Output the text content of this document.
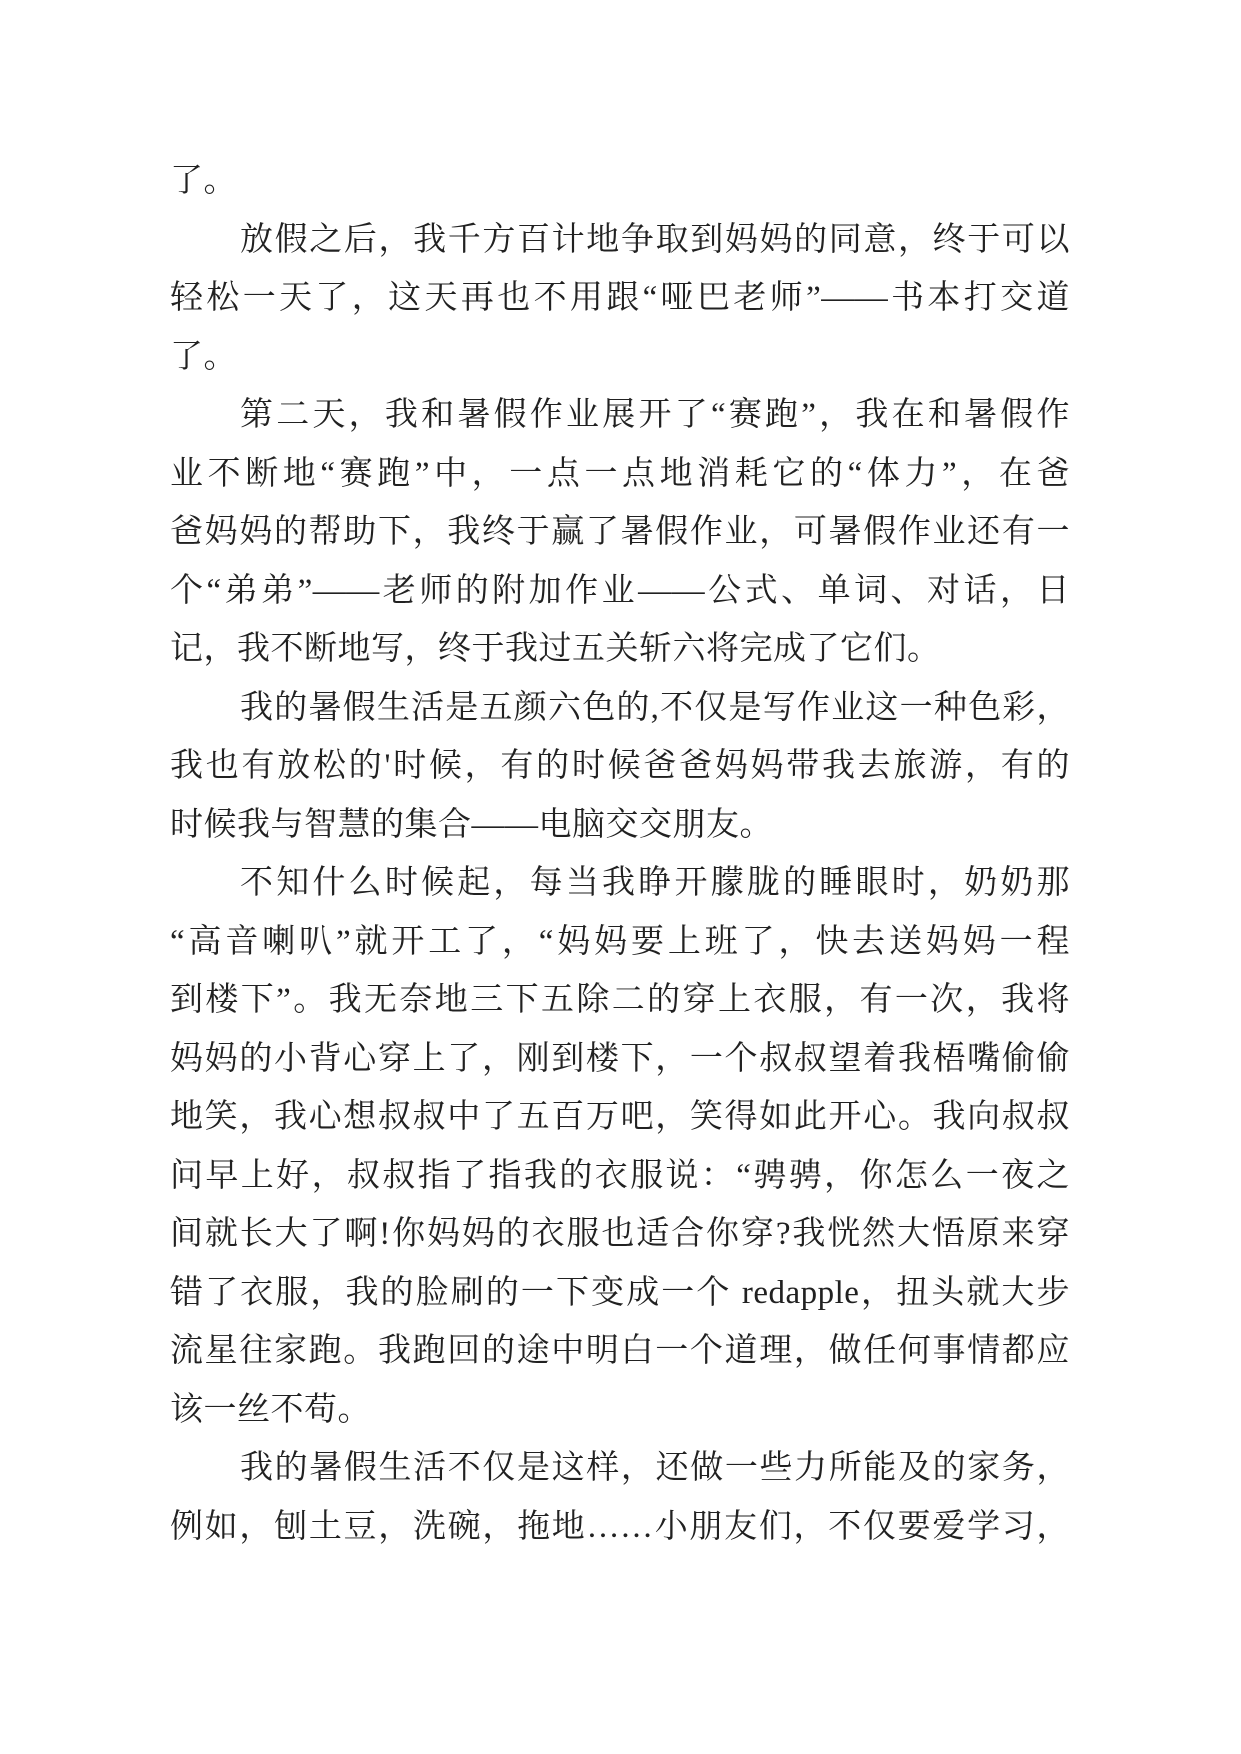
了。
放假之后，我千方百计地争取到妈妈的同意，终于可以
轻松一天了，这天再也不用跟“哑巴老师”——书本打交道
了。
第二天，我和暑假作业展开了“赛跑”，我在和暑假作
业不断地“赛跑”中，一点一点地消耗它的“体力”，在爸
爸妈妈的帮助下，我终于赢了暑假作业，可暑假作业还有一
个“弟弟”——老师的附加作业——公式、单词、对话，日
记，我不断地写，终于我过五关斩六将完成了它们。
我的暑假生活是五颜六色的,不仅是写作业这一种色彩，
我也有放松的'时候，有的时候爸爸妈妈带我去旅游，有的
时候我与智慧的集合——电脑交交朋友。
不知什么时候起，每当我睁开朦胧的睡眼时，奶奶那
“高音喇叭”就开工了，“妈妈要上班了，快去送妈妈一程
到楼下”。我无奈地三下五除二的穿上衣服，有一次，我将
妈妈的小背心穿上了，刚到楼下，一个叔叔望着我梧嘴偷偷
地笑，我心想叔叔中了五百万吧，笑得如此开心。我向叔叔
问早上好，叔叔指了指我的衣服说：“骋骋，你怎么一夜之
间就长大了啊!你妈妈的衣服也适合你穿?我恍然大悟原来穿
错了衣服，我的脸刷的一下变成一个 redapple，扭头就大步
流星往家跑。我跑回的途中明白一个道理，做任何事情都应
该一丝不苟。
我的暑假生活不仅是这样，还做一些力所能及的家务，
例如，刨土豆，洗碗，拖地……小朋友们，不仅要爱学习，
